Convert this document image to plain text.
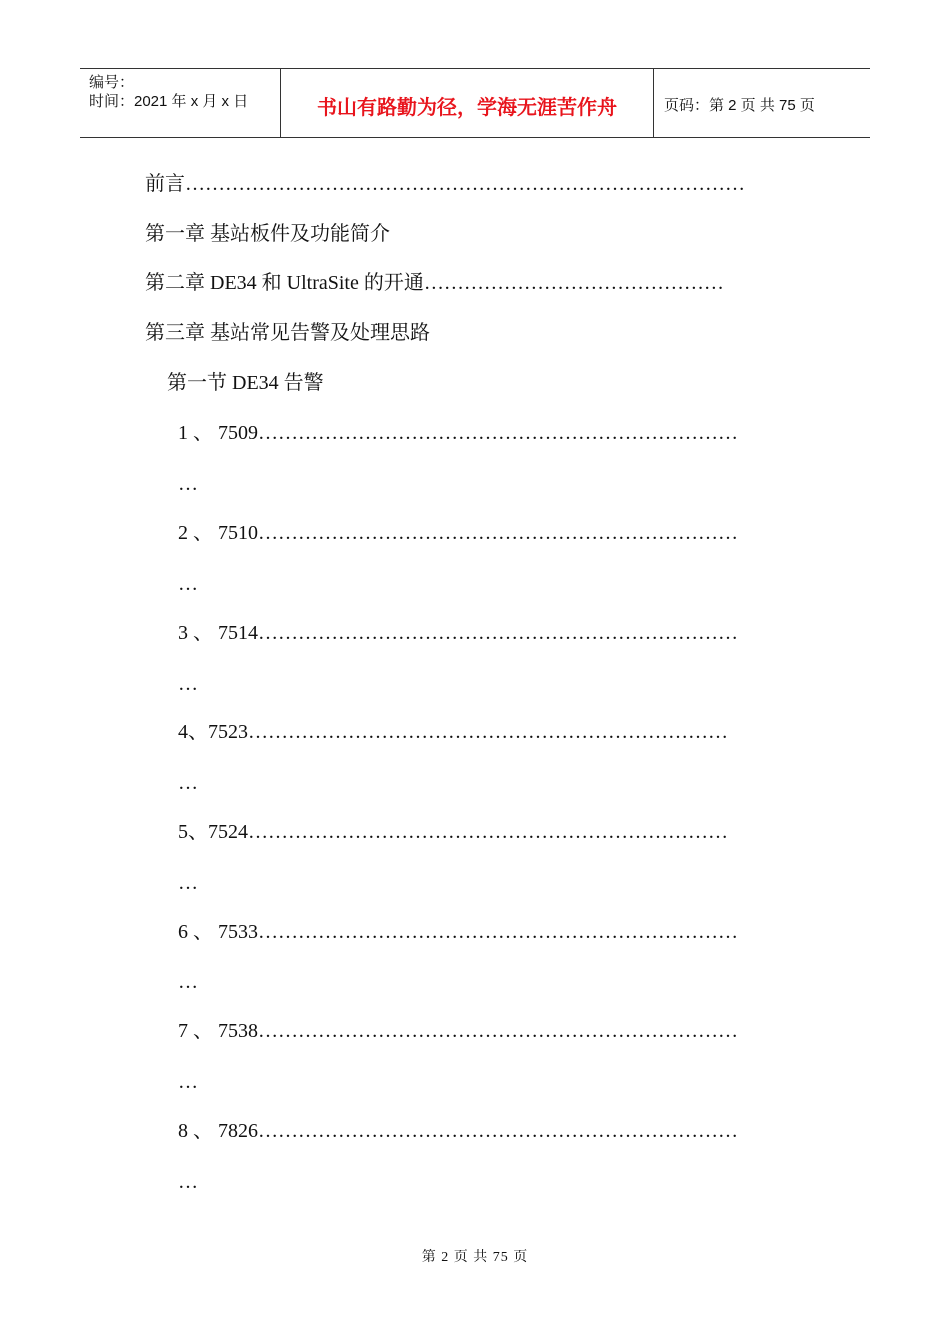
编号：
时间：2021 年 x 月 x 日	书山有路勤为径，学海无涯苦作舟	页码：第 2 页 共 75 页
前言…………………………………………………………………………
第一章 基站板件及功能简介
第二章 DE34 和 UltraSite 的开通………………………………………
第三章 基站常见告警及处理思路
第一节 DE34 告警
1 、 7509………………………………………………………………
…
2 、 7510………………………………………………………………
…
3 、 7514………………………………………………………………
…
4、7523………………………………………………………………
…
5、7524………………………………………………………………
…
6 、 7533………………………………………………………………
…
7 、 7538………………………………………………………………
…
8 、 7826………………………………………………………………
…
第 2 页 共 75 页
